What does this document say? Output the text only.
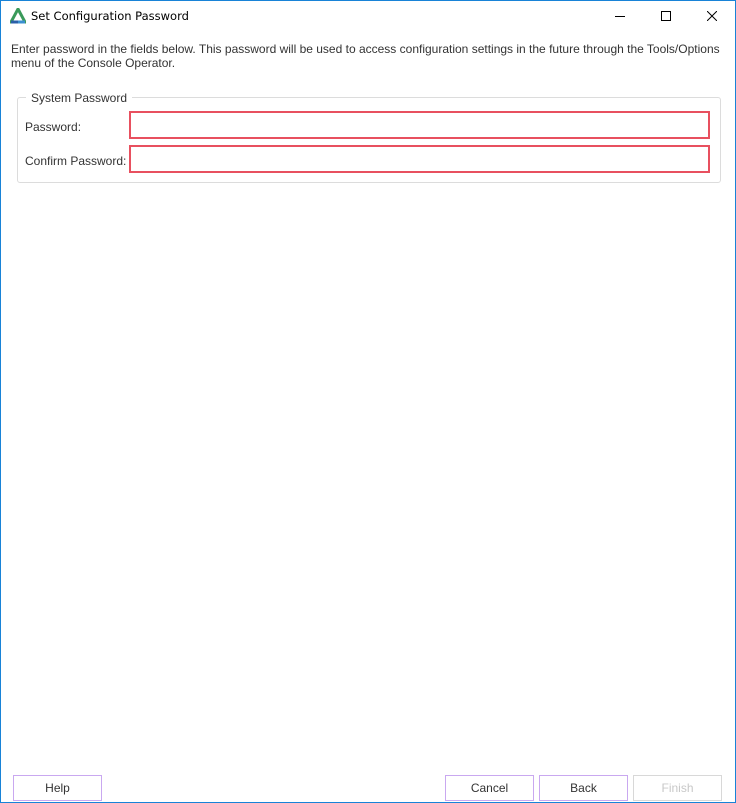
Set Configuration Password
Enter password in the fields below. This password will be used to access configuration settings in the future through the Tools/Options menu of the Console Operator.
System Password
Password:
Confirm Password:
Help	Cancel	Back	Finish
